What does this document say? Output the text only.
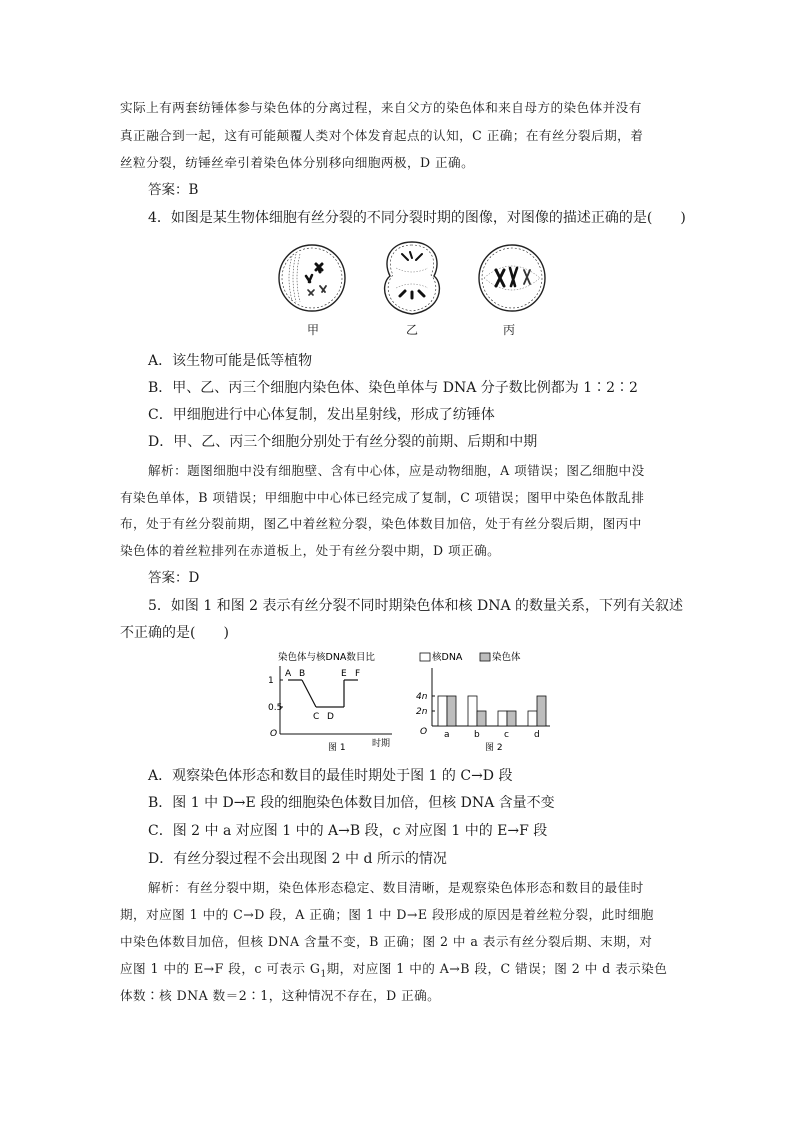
实际上有两套纺锤体参与染色体的分离过程，来自父方的染色体和来自母方的染色体并没有

真正融合到一起，这有可能颠覆人类对个体发育起点的认知，C 正确；在有丝分裂后期，着

丝粒分裂，纺锤丝牵引着染色体分别移向细胞两极，D 正确。

答案：B

4．如图是某生物体细胞有丝分裂的不同分裂时期的图像，对图像的描述正确的是(　　)

甲	乙	丙

A．该生物可能是低等植物

B．甲、乙、丙三个细胞内染色体、染色单体与 DNA 分子数比例都为 1∶2∶2

C．甲细胞进行中心体复制，发出星射线，形成了纺锤体

D．甲、乙、丙三个细胞分别处于有丝分裂的前期、后期和中期

解析：题图细胞中没有细胞壁、含有中心体，应是动物细胞，A 项错误；图乙细胞中没

有染色单体，B 项错误；甲细胞中中心体已经完成了复制，C 项错误；图甲中染色体散乱排

布，处于有丝分裂前期，图乙中着丝粒分裂，染色体数目加倍，处于有丝分裂后期，图丙中

染色体的着丝粒排列在赤道板上，处于有丝分裂中期，D 项正确。

答案：D

5．如图 1 和图 2 表示有丝分裂不同时期染色体和核 DNA 的数量关系，下列有关叙述

不正确的是(　　)

染色体与核DNA数目比
O
时期
图 1
1
0.5
A B
C D
E F
核DNA	染色体
O
图 2
4n
2n
a	b	c	d

A．观察染色体形态和数目的最佳时期处于图 1 的 C→D 段

B．图 1 中 D→E 段的细胞染色体数目加倍，但核 DNA 含量不变

C．图 2 中 a 对应图 1 中的 A→B 段，c 对应图 1 中的 E→F 段

D．有丝分裂过程不会出现图 2 中 d 所示的情况

解析：有丝分裂中期，染色体形态稳定、数目清晰，是观察染色体形态和数目的最佳时

期，对应图 1 中的 C→D 段，A 正确；图 1 中 D→E 段形成的原因是着丝粒分裂，此时细胞

中染色体数目加倍，但核 DNA 含量不变，B 正确；图 2 中 a 表示有丝分裂后期、末期，对

应图 1 中的 E→F 段，c 可表示 $G_1$期，对应图 1 中的 A→B 段，C 错误；图 2 中 d 表示染色

体数∶核 DNA 数＝2∶1，这种情况不存在，D 正确。
